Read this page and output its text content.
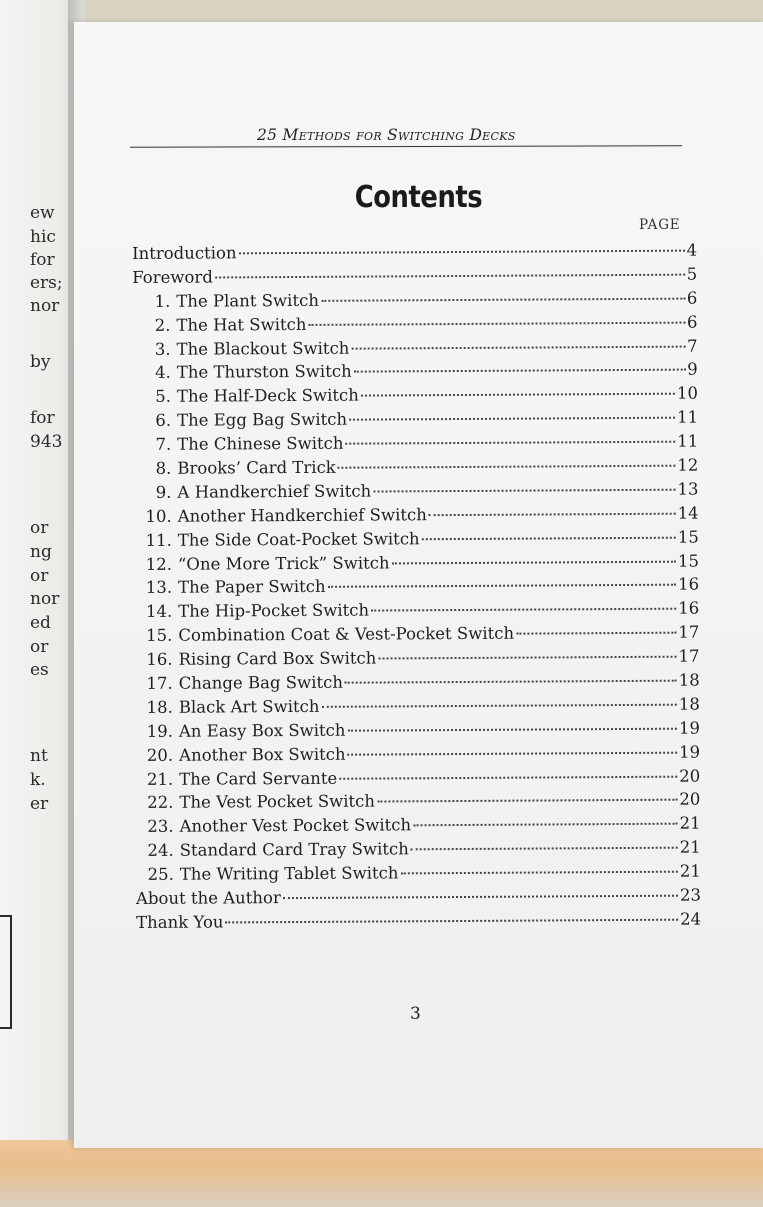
ew
hic
for
ers;
nor
by
for
943
or
ng
or
nor
ed
or
es
nt
k.
er
25 Methods for Switching Decks
Contents
PAGE
Introduction	4
Foreword	5
1. The Plant Switch	6
2. The Hat Switch	6
3. The Blackout Switch	7
4. The Thurston Switch	9
5. The Half-Deck Switch	10
6. The Egg Bag Switch	11
7. The Chinese Switch	11
8. Brooks’ Card Trick	12
9. A Handkerchief Switch	13
10. Another Handkerchief Switch	14
11. The Side Coat-Pocket Switch	15
12. “One More Trick” Switch	15
13. The Paper Switch	16
14. The Hip-Pocket Switch	16
15. Combination Coat & Vest-Pocket Switch	17
16. Rising Card Box Switch	17
17. Change Bag Switch	18
18. Black Art Switch	18
19. An Easy Box Switch	19
20. Another Box Switch	19
21. The Card Servante	20
22. The Vest Pocket Switch	20
23. Another Vest Pocket Switch	21
24. Standard Card Tray Switch	21
25. The Writing Tablet Switch	21
About the Author	23
Thank You	24
3
